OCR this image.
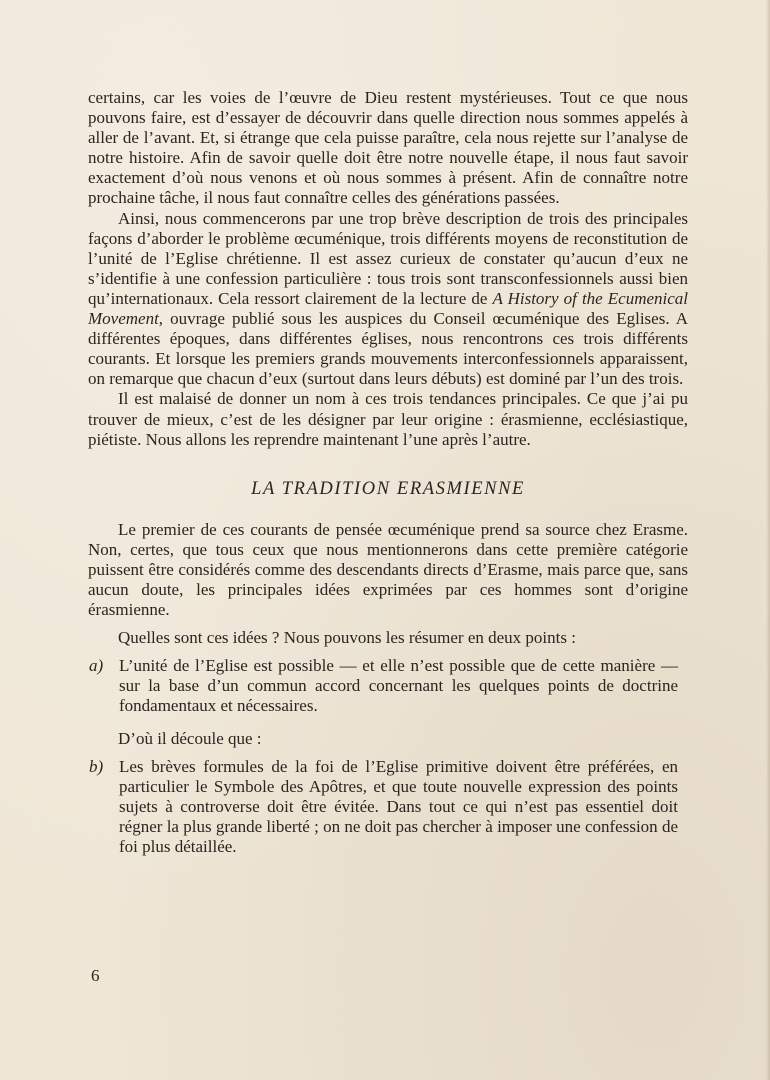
certains, car les voies de l’œuvre de Dieu restent mystérieuses. Tout ce que nous pouvons faire, est d’essayer de découvrir dans quelle direction nous sommes appelés à aller de l’avant. Et, si étrange que cela puisse paraître, cela nous rejette sur l’analyse de notre histoire. Afin de savoir quelle doit être notre nouvelle étape, il nous faut savoir exactement d’où nous venons et où nous sommes à présent. Afin de connaître notre prochaine tâche, il nous faut connaître celles des générations passées.

Ainsi, nous commencerons par une trop brève description de trois des principales façons d’aborder le problème œcuménique, trois différents moyens de reconstitution de l’unité de l’Eglise chrétienne. Il est assez curieux de constater qu’aucun d’eux ne s’identifie à une confession particulière : tous trois sont transconfessionnels aussi bien qu’internationaux. Cela ressort clairement de la lecture de A History of the Ecumenical Movement, ouvrage publié sous les auspices du Conseil œcuménique des Eglises. A différentes époques, dans différentes églises, nous rencontrons ces trois différents courants. Et lorsque les premiers grands mouvements interconfessionnels apparaissent, on remarque que chacun d’eux (surtout dans leurs débuts) est dominé par l’un des trois.

Il est malaisé de donner un nom à ces trois tendances principales. Ce que j’ai pu trouver de mieux, c’est de les désigner par leur origine : érasmienne, ecclésiastique, piétiste. Nous allons les reprendre maintenant l’une après l’autre.

LA TRADITION ERASMIENNE

Le premier de ces courants de pensée œcuménique prend sa source chez Erasme. Non, certes, que tous ceux que nous mentionnerons dans cette première catégorie puissent être considérés comme des descendants directs d’Erasme, mais parce que, sans aucun doute, les principales idées exprimées par ces hommes sont d’origine érasmienne.

Quelles sont ces idées ? Nous pouvons les résumer en deux points :

a) L’unité de l’Eglise est possible — et elle n’est possible que de cette manière — sur la base d’un commun accord concernant les quelques points de doctrine fondamentaux et nécessaires.

D’où il découle que :

b) Les brèves formules de la foi de l’Eglise primitive doivent être préférées, en particulier le Symbole des Apôtres, et que toute nouvelle expression des points sujets à controverse doit être évitée. Dans tout ce qui n’est pas essentiel doit régner la plus grande liberté ; on ne doit pas chercher à imposer une confession de foi plus détaillée.

6
